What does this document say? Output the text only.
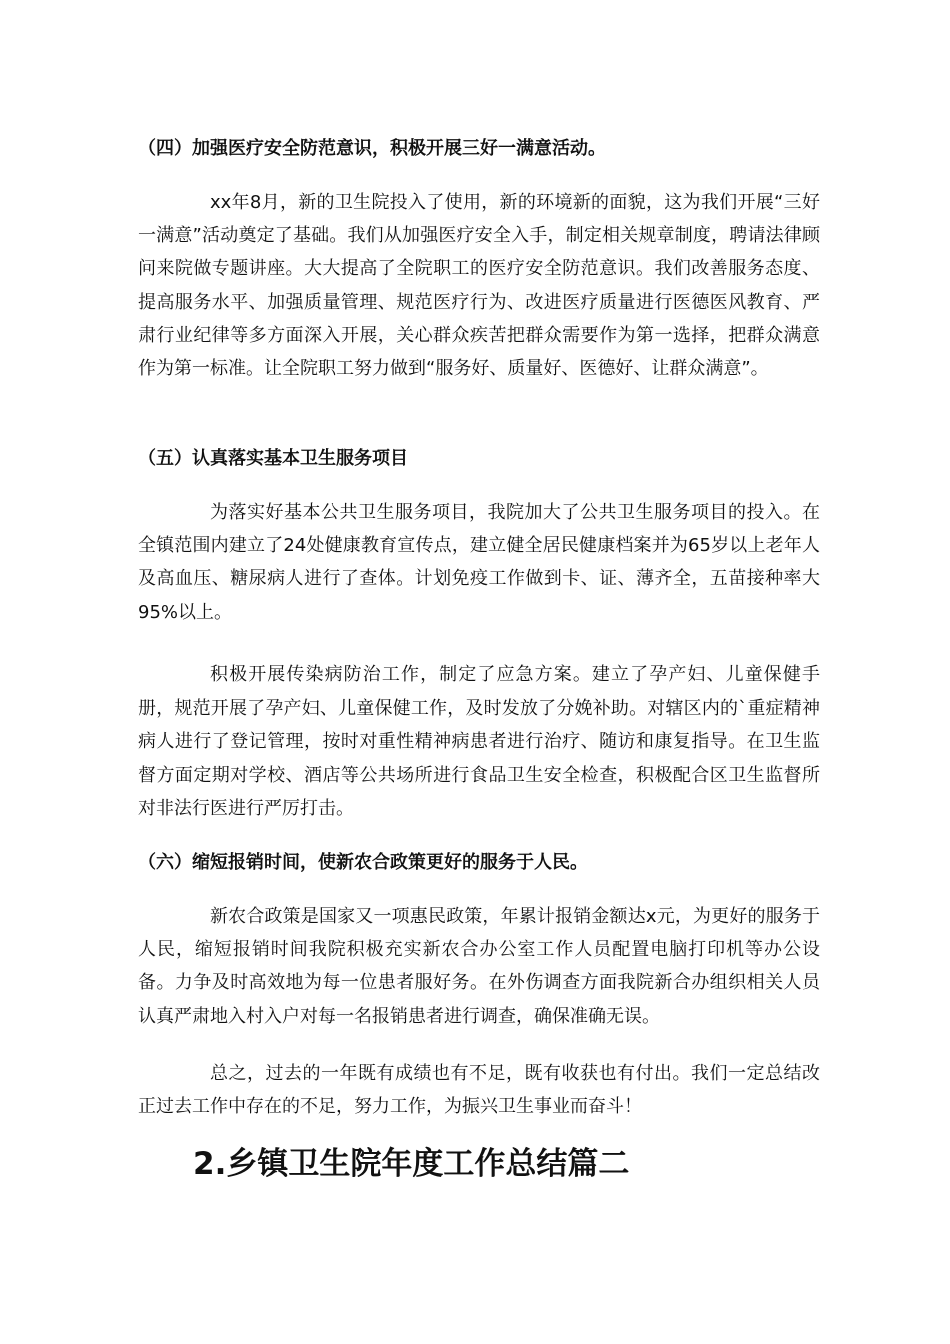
（四）加强医疗安全防范意识，积极开展三好一满意活动。

xx年8月，新的卫生院投入了使用，新的环境新的面貌，这为我们开展“三好一满意”活动奠定了基础。我们从加强医疗安全入手，制定相关规章制度，聘请法律顾问来院做专题讲座。大大提高了全院职工的医疗安全防范意识。我们改善服务态度、提高服务水平、加强质量管理、规范医疗行为、改进医疗质量进行医德医风教育、严肃行业纪律等多方面深入开展，关心群众疾苦把群众需要作为第一选择，把群众满意作为第一标准。让全院职工努力做到“服务好、质量好、医德好、让群众满意”。

（五）认真落实基本卫生服务项目

为落实好基本公共卫生服务项目，我院加大了公共卫生服务项目的投入。在全镇范围内建立了24处健康教育宣传点，建立健全居民健康档案并为65岁以上老年人及高血压、糖尿病人进行了查体。计划免疫工作做到卡、证、薄齐全，五苗接种率大95%以上。

积极开展传染病防治工作，制定了应急方案。建立了孕产妇、儿童保健手册，规范开展了孕产妇、儿童保健工作，及时发放了分娩补助。对辖区内的`重症精神病人进行了登记管理，按时对重性精神病患者进行治疗、随访和康复指导。在卫生监督方面定期对学校、酒店等公共场所进行食品卫生安全检查，积极配合区卫生监督所对非法行医进行严厉打击。

（六）缩短报销时间，使新农合政策更好的服务于人民。

新农合政策是国家又一项惠民政策，年累计报销金额达x元，为更好的服务于人民，缩短报销时间我院积极充实新农合办公室工作人员配置电脑打印机等办公设备。力争及时高效地为每一位患者服好务。在外伤调查方面我院新合办组织相关人员认真严肃地入村入户对每一名报销患者进行调查，确保准确无误。

总之，过去的一年既有成绩也有不足，既有收获也有付出。我们一定总结改正过去工作中存在的不足，努力工作，为振兴卫生事业而奋斗！

2.乡镇卫生院年度工作总结篇二
